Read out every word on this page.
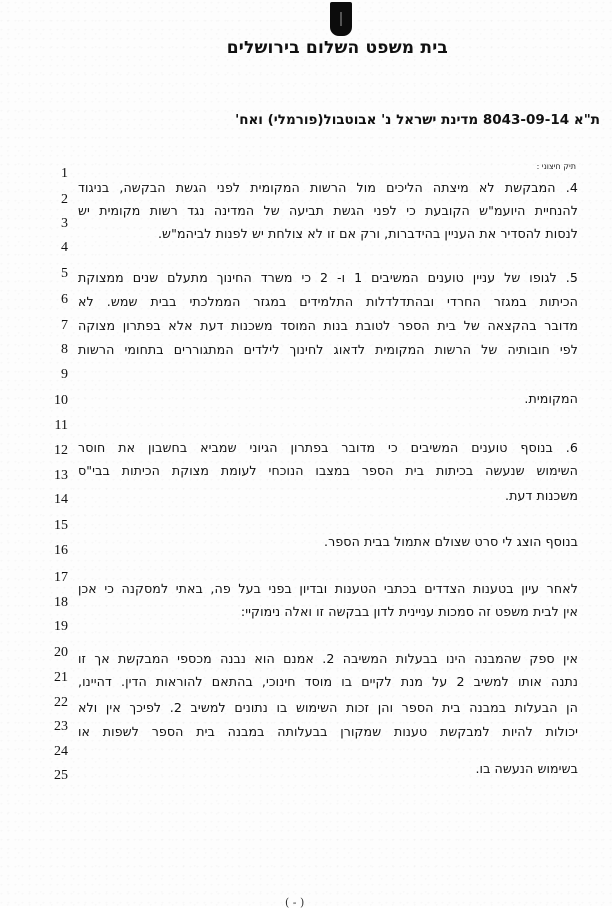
בית משפט השלום בירושלים
ת"א 8043-09-14 מדינת ישראל נ' אבוטבול(פורמלי) ואח'
תיק חיצוני :
1
2
3
4
5
6
7
8
9
10
11
12
13
14
15
16
17
18
19
20
21
22
23
24
25
4. המבקשת לא מיצתה הליכים מול הרשות המקומית לפני הגשת הבקשה, בניגוד
להנחיית היועמ"ש הקובעת כי לפני הגשת תביעה של המדינה נגד רשות מקומית יש
לנסות להסדיר את העניין בהידברות, ורק אם זו לא צולחת יש לפנות לביהמ"ש.
5. לגופו של עניין טוענים המשיבים 1 ו- 2 כי משרד החינוך מתעלם שנים ממצוקת
הכיתות במגזר החרדי ובהתדלדלות התלמידים במגזר הממלכתי בבית שמש. לא
מדובר בהקצאה של בית הספר לטובת בנות המוסד משכנות דעת אלא בפתרון מצוקה
לפי חובותיה של הרשות המקומית לדאוג לחינוך לילדים המתגוררים בתחומי הרשות
המקומית.
6. בנוסף טוענים המשיבים כי מדובר בפתרון הגיוני שמביא בחשבון את חוסר
השימוש שנעשה בכיתות בית הספר במצבו הנוכחי לעומת מצוקת הכיתות בבי"ס
משכנות דעת.
בנוסף הוצג לי סרט שצולם אתמול בבית הספר.
לאחר עיון בטענות הצדדים בכתבי הטענות ובדיון בפני בעל פה, באתי למסקנה כי אכן
אין לבית משפט זה סמכות עניינית לדון בבקשה זו ואלה נימוקיי:
אין ספק שהמבנה הינו בבעלות המשיבה 2. אמנם הוא נבנה מכספי המבקשת אך זו
נתנה אותו למשיב 2 על מנת לקיים בו מוסד חינוכי, בהתאם להוראות הדין. דהיינו,
הן הבעלות במבנה בית הספר והן זכות השימוש בו נתונים למשיב 2. לפיכך אין ולא
יכולות להיות למבקשת טענות שמקורן בבעלותה במבנה בית הספר לשפות או
בשימוש הנעשה בו.
( - )
